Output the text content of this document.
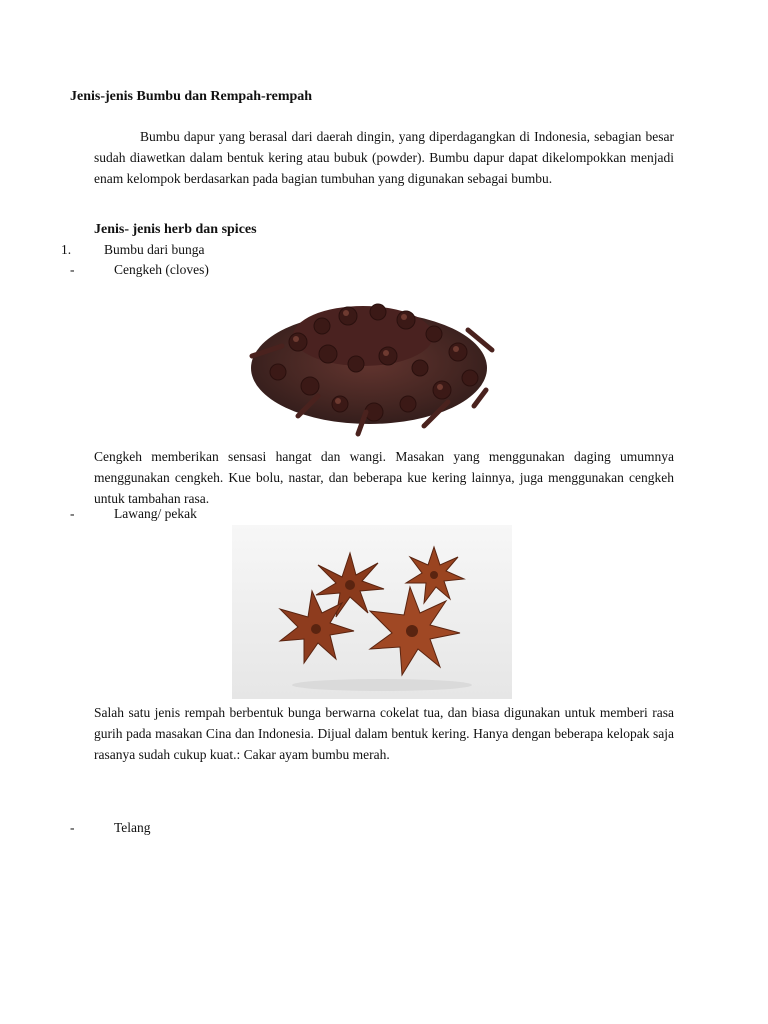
Jenis-jenis Bumbu dan Rempah-rempah

Bumbu dapur yang berasal dari daerah dingin, yang diperdagangkan di Indonesia, sebagian besar sudah diawetkan dalam bentuk kering atau bubuk (powder). Bumbu dapur dapat dikelompokkan menjadi enam kelompok berdasarkan pada bagian tumbuhan yang digunakan sebagai bumbu.

Jenis- jenis herb dan spices
1. Bumbu dari bunga
-	Cengkeh (cloves)

Cengkeh memberikan sensasi hangat dan wangi. Masakan yang menggunakan daging umumnya menggunakan cengkeh. Kue bolu, nastar, dan beberapa kue kering lainnya, juga menggunakan cengkeh untuk tambahan rasa.

-	Lawang/ pekak

Salah satu jenis rempah berbentuk bunga berwarna cokelat tua, dan biasa digunakan untuk memberi rasa gurih pada masakan Cina dan Indonesia. Dijual dalam bentuk kering. Hanya dengan beberapa kelopak saja rasanya sudah cukup kuat.: Cakar ayam bumbu merah.

-	Telang
